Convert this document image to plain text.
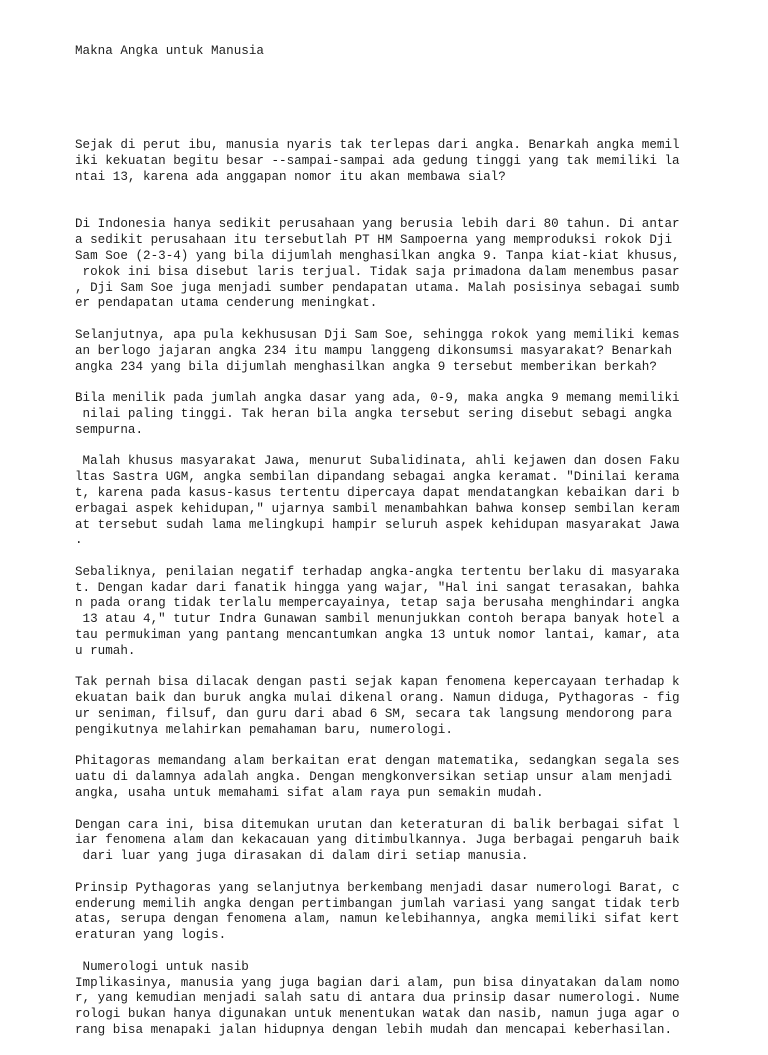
Makna Angka untuk Manusia

Sejak di perut ibu, manusia nyaris tak terlepas dari angka. Benarkah angka memil
iki kekuatan begitu besar --sampai-sampai ada gedung tinggi yang tak memiliki la
ntai 13, karena ada anggapan nomor itu akan membawa sial?
Di Indonesia hanya sedikit perusahaan yang berusia lebih dari 80 tahun. Di antar
a sedikit perusahaan itu tersebutlah PT HM Sampoerna yang memproduksi rokok Dji
Sam Soe (2-3-4) yang bila dijumlah menghasilkan angka 9. Tanpa kiat-kiat khusus,
rokok ini bisa disebut laris terjual. Tidak saja primadona dalam menembus pasar
, Dji Sam Soe juga menjadi sumber pendapatan utama. Malah posisinya sebagai sumb
er pendapatan utama cenderung meningkat.
Selanjutnya, apa pula kekhususan Dji Sam Soe, sehingga rokok yang memiliki kemas
an berlogo jajaran angka 234 itu mampu langgeng dikonsumsi masyarakat? Benarkah
angka 234 yang bila dijumlah menghasilkan angka 9 tersebut memberikan berkah?
Bila menilik pada jumlah angka dasar yang ada, 0-9, maka angka 9 memang memiliki
nilai paling tinggi. Tak heran bila angka tersebut sering disebut sebagi angka
sempurna.
Malah khusus masyarakat Jawa, menurut Subalidinata, ahli kejawen dan dosen Faku
ltas Sastra UGM, angka sembilan dipandang sebagai angka keramat. "Dinilai kerama
t, karena pada kasus-kasus tertentu dipercaya dapat mendatangkan kebaikan dari b
erbagai aspek kehidupan," ujarnya sambil menambahkan bahwa konsep sembilan keram
at tersebut sudah lama melingkupi hampir seluruh aspek kehidupan masyarakat Jawa
.
Sebaliknya, penilaian negatif terhadap angka-angka tertentu berlaku di masyaraka
t. Dengan kadar dari fanatik hingga yang wajar, "Hal ini sangat terasakan, bahka
n pada orang tidak terlalu mempercayainya, tetap saja berusaha menghindari angka
13 atau 4," tutur Indra Gunawan sambil menunjukkan contoh berapa banyak hotel a
tau permukiman yang pantang mencantumkan angka 13 untuk nomor lantai, kamar, ata
u rumah.
Tak pernah bisa dilacak dengan pasti sejak kapan fenomena kepercayaan terhadap k
ekuatan baik dan buruk angka mulai dikenal orang. Namun diduga, Pythagoras - fig
ur seniman, filsuf, dan guru dari abad 6 SM, secara tak langsung mendorong para
pengikutnya melahirkan pemahaman baru, numerologi.
Phitagoras memandang alam berkaitan erat dengan matematika, sedangkan segala ses
uatu di dalamnya adalah angka. Dengan mengkonversikan setiap unsur alam menjadi
angka, usaha untuk memahami sifat alam raya pun semakin mudah.
Dengan cara ini, bisa ditemukan urutan dan keteraturan di balik berbagai sifat l
iar fenomena alam dan kekacauan yang ditimbulkannya. Juga berbagai pengaruh baik
dari luar yang juga dirasakan di dalam diri setiap manusia.
Prinsip Pythagoras yang selanjutnya berkembang menjadi dasar numerologi Barat, c
enderung memilih angka dengan pertimbangan jumlah variasi yang sangat tidak terb
atas, serupa dengan fenomena alam, namun kelebihannya, angka memiliki sifat kert
eraturan yang logis.
Numerologi untuk nasib
Implikasinya, manusia yang juga bagian dari alam, pun bisa dinyatakan dalam nomo
r, yang kemudian menjadi salah satu di antara dua prinsip dasar numerologi. Nume
rologi bukan hanya digunakan untuk menentukan watak dan nasib, namun juga agar o
rang bisa menapaki jalan hidupnya dengan lebih mudah dan mencapai keberhasilan.
